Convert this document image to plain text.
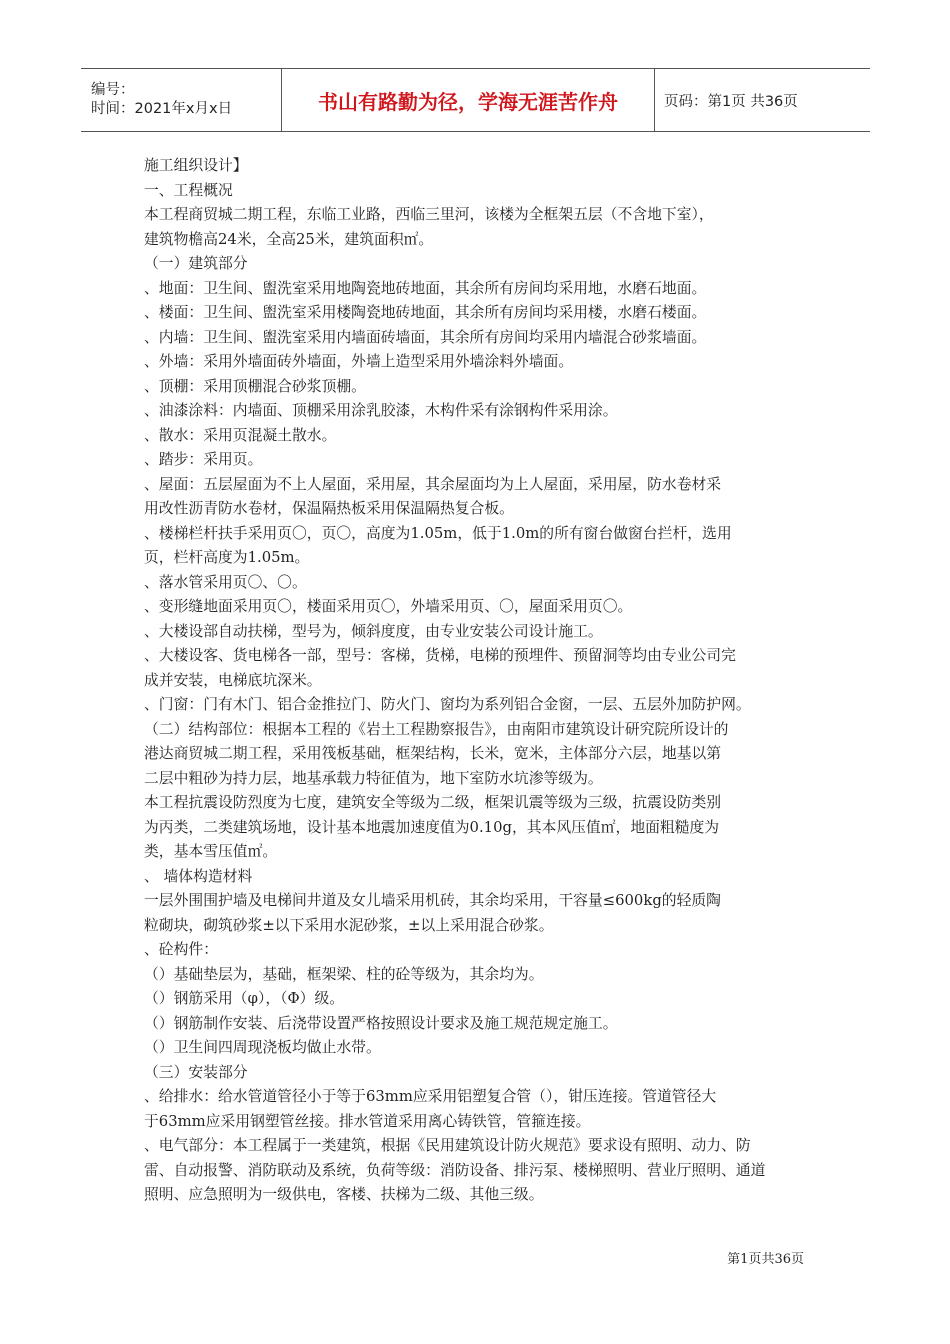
编号：
时间：2021年x月x日	书山有路勤为径，学海无涯苦作舟	页码：第1页 共36页
施工组织设计】
一、工程概况
本工程商贸城二期工程，东临工业路，西临三里河，该楼为全框架五层（不含地下室），
建筑物檐高24米，全高25米，建筑面积㎡。
（一）建筑部分
、地面：卫生间、盥洗室采用地陶瓷地砖地面，其余所有房间均采用地，水磨石地面。
、楼面：卫生间、盥洗室采用楼陶瓷地砖地面，其余所有房间均采用楼，水磨石楼面。
、内墙：卫生间、盥洗室采用内墙面砖墙面，其余所有房间均采用内墙混合砂浆墙面。
、外墙：采用外墙面砖外墙面，外墙上造型采用外墙涂料外墙面。
、顶棚：采用顶棚混合砂浆顶棚。
、油漆涂料：内墙面、顶棚采用涂乳胶漆，木构件采有涂钢构件采用涂。
、散水：采用页混凝土散水。
、踏步：采用页。
、屋面：五层屋面为不上人屋面，采用屋，其余屋面均为上人屋面，采用屋，防水卷材采
用改性沥青防水卷材，保温隔热板采用保温隔热复合板。
、楼梯栏杆扶手采用页〇，页〇，高度为1.05m，低于1.0m的所有窗台做窗台拦杆，选用
页，栏杆高度为1.05m。
、落水管采用页〇、〇。
、变形缝地面采用页〇，楼面采用页〇，外墙采用页、〇，屋面采用页〇。
、大楼设部自动扶梯，型号为，倾斜度度，由专业安装公司设计施工。
、大楼设客、货电梯各一部，型号：客梯，货梯，电梯的预埋件、预留洞等均由专业公司完
成并安装，电梯底坑深米。
、门窗：门有木门、铝合金推拉门、防火门、窗均为系列铝合金窗，一层、五层外加防护网。
（二）结构部位：根据本工程的《岩土工程勘察报告》，由南阳市建筑设计研究院所设计的
港达商贸城二期工程，采用筏板基础，框架结构，长米，宽米，主体部分六层，地基以第
二层中粗砂为持力层，地基承载力特征值为，地下室防水坑渗等级为。
本工程抗震设防烈度为七度，建筑安全等级为二级，框架讥震等级为三级，抗震设防类别
为丙类，二类建筑场地，设计基本地震加速度值为0.10g，其本风压值㎡，地面粗糙度为
类，基本雪压值㎡。
、 墙体构造材料
一层外围围护墙及电梯间井道及女儿墙采用机砖，其余均采用，干容量≤600kg的轻质陶
粒砌块，砌筑砂浆±以下采用水泥砂浆，±以上采用混合砂浆。
、砼构件：
（）基础垫层为，基础，框架梁、柱的砼等级为，其余均为。
（）钢筋采用（φ），（Φ）级。
（）钢筋制作安装、后浇带设置严格按照设计要求及施工规范规定施工。
（）卫生间四周现浇板均做止水带。
（三）安装部分
、给排水：给水管道管径小于等于63mm应采用铝塑复合管（），钳压连接。管道管径大
于63mm应采用钢塑管丝接。排水管道采用离心铸铁管，管箍连接。
、电气部分：本工程属于一类建筑，根据《民用建筑设计防火规范》要求设有照明、动力、防
雷、自动报警、消防联动及系统，负荷等级：消防设备、排污泵、楼梯照明、营业厅照明、通道
照明、应急照明为一级供电，客楼、扶梯为二级、其他三级。
第1页共36页
